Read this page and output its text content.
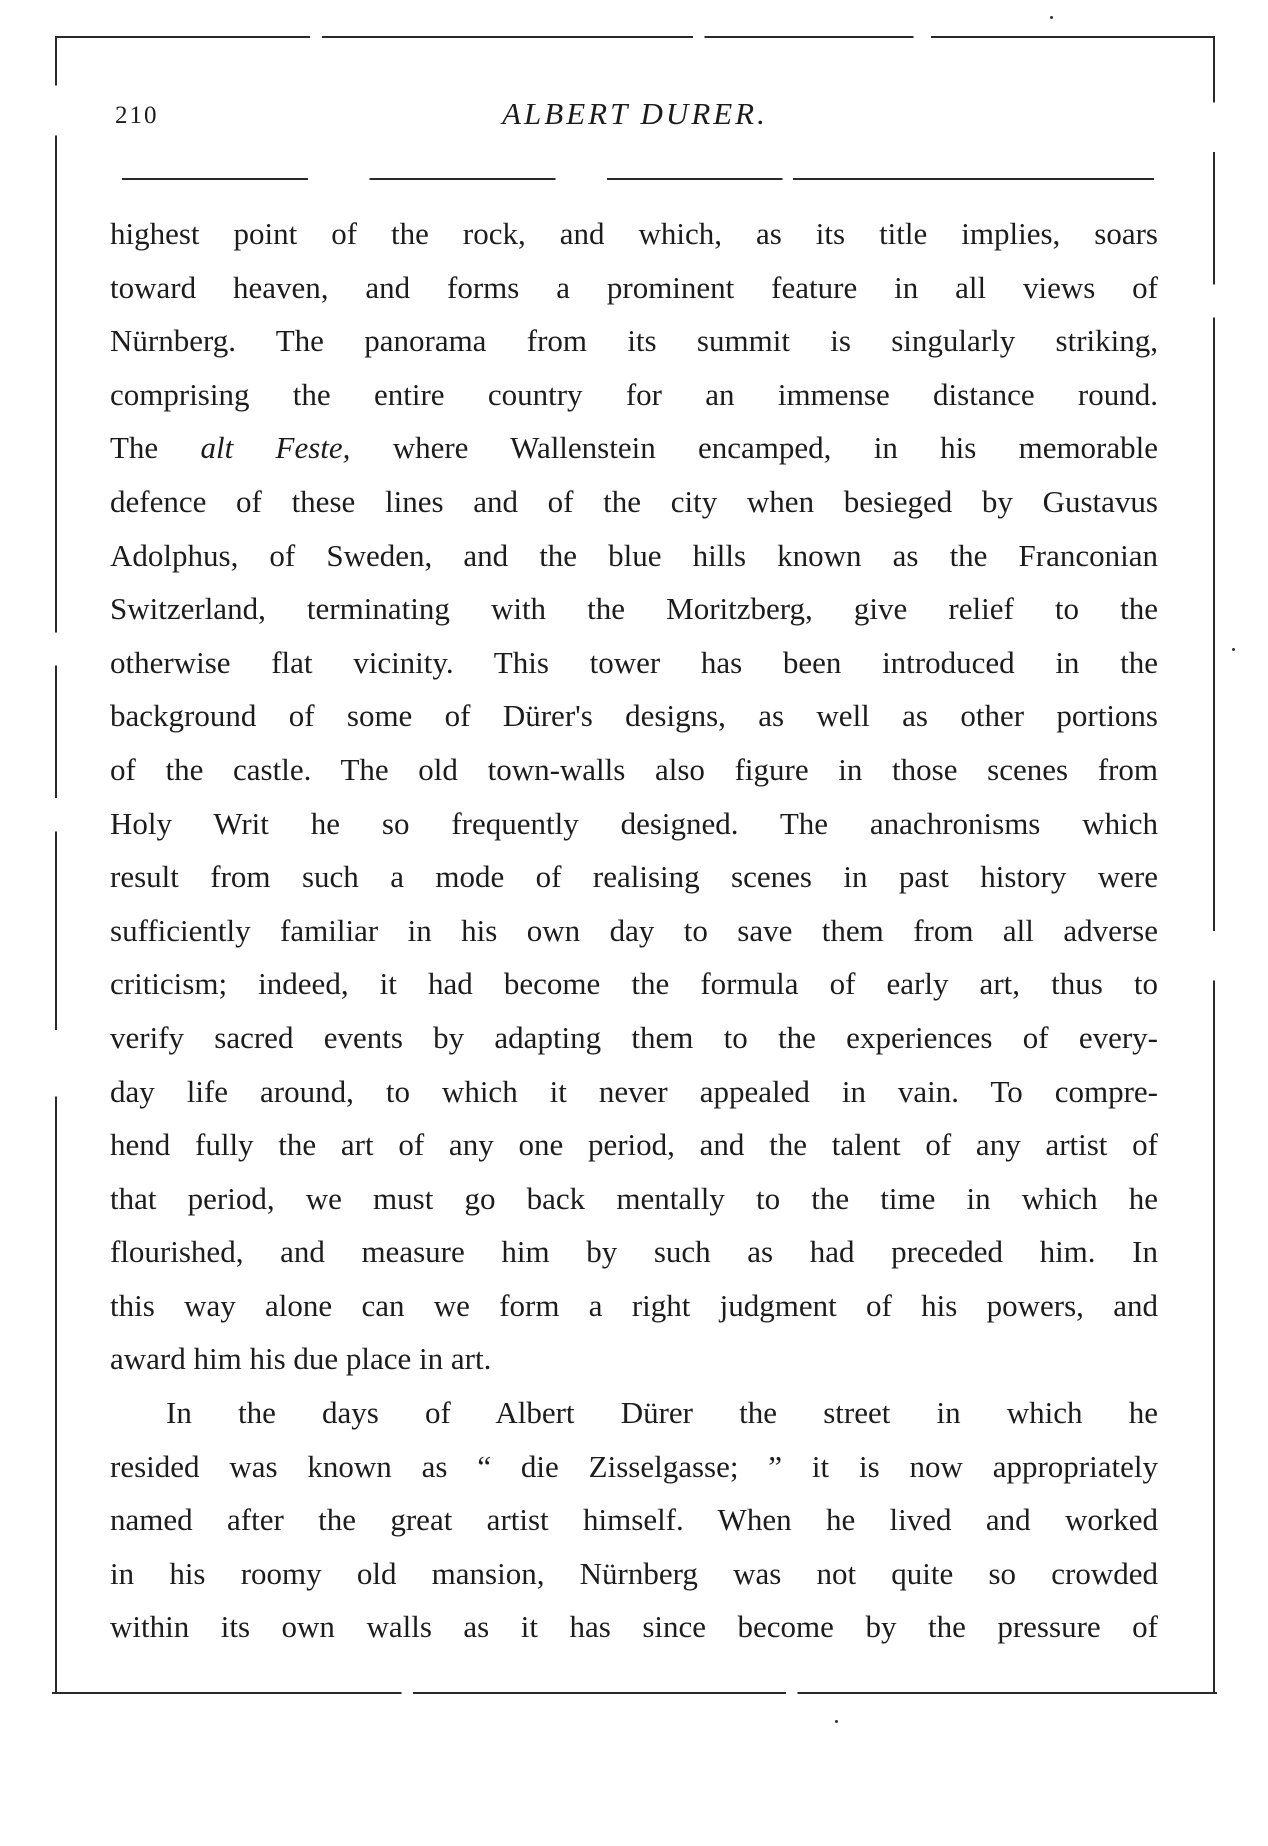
210	ALBERT DURER.
highest point of the rock, and which, as its title implies, soars
toward heaven, and forms a prominent feature in all views of
Nürnberg. The panorama from its summit is singularly striking,
comprising the entire country for an immense distance round.
The alt Feste, where Wallenstein encamped, in his memorable
defence of these lines and of the city when besieged by Gustavus
Adolphus, of Sweden, and the blue hills known as the Franconian
Switzerland, terminating with the Moritzberg, give relief to the
otherwise flat vicinity. This tower has been introduced in the
background of some of Dürer's designs, as well as other portions
of the castle. The old town-walls also figure in those scenes from
Holy Writ he so frequently designed. The anachronisms which
result from such a mode of realising scenes in past history were
sufficiently familiar in his own day to save them from all adverse
criticism; indeed, it had become the formula of early art, thus to
verify sacred events by adapting them to the experiences of every-
day life around, to which it never appealed in vain. To compre-
hend fully the art of any one period, and the talent of any artist of
that period, we must go back mentally to the time in which he
flourished, and measure him by such as had preceded him. In
this way alone can we form a right judgment of his powers, and
award him his due place in art.
In the days of Albert Dürer the street in which he
resided was known as “ die Zisselgasse; ” it is now appropriately
named after the great artist himself. When he lived and worked
in his roomy old mansion, Nürnberg was not quite so crowded
within its own walls as it has since become by the pressure of
